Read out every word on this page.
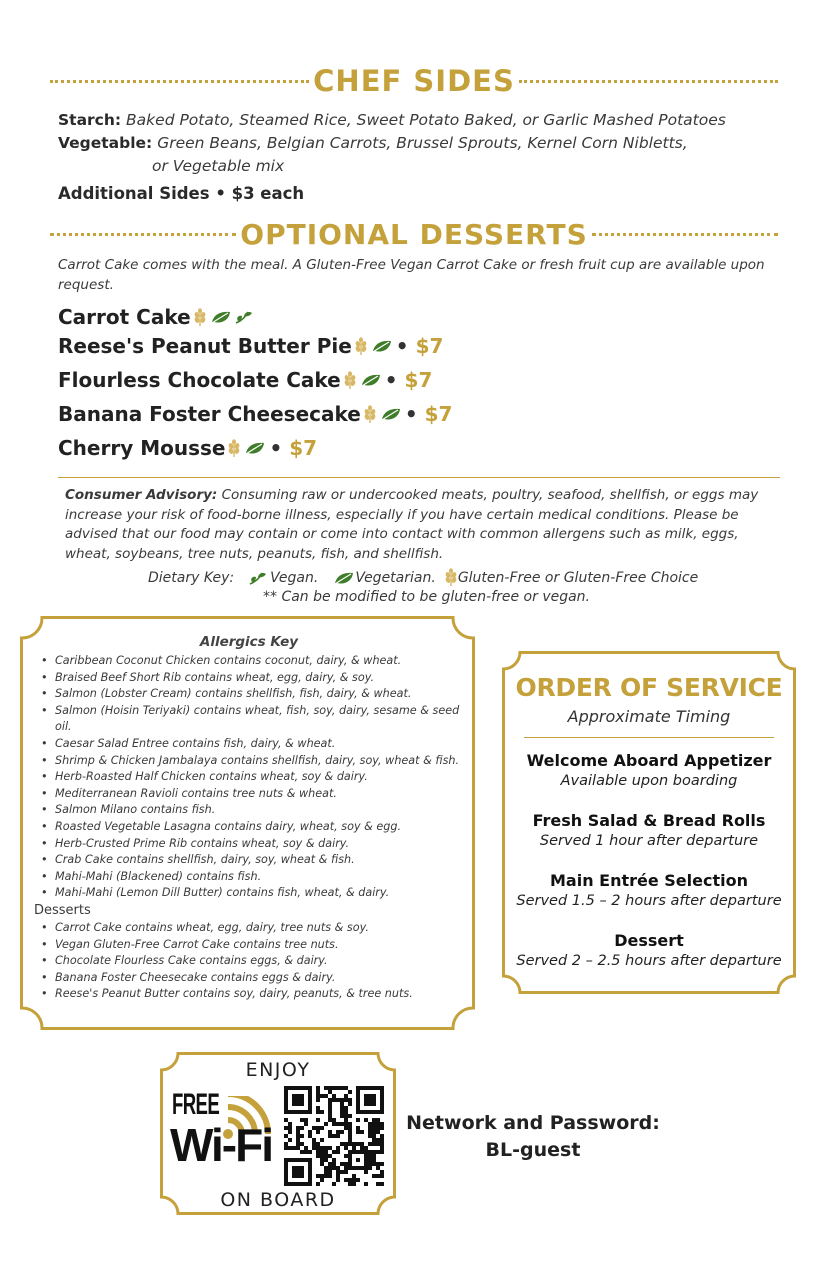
CHEF SIDES
Starch: Baked Potato, Steamed Rice, Sweet Potato Baked, or Garlic Mashed Potatoes
Vegetable: Green Beans, Belgian Carrots, Brussel Sprouts, Kernel Corn Nibletts,
or Vegetable mix
Additional Sides • $3 each
OPTIONAL DESSERTS
Carrot Cake comes with the meal. A Gluten-Free Vegan Carrot Cake or fresh fruit cup are available upon request.
Carrot Cake
Reese's Peanut Butter Pie • $7
Flourless Chocolate Cake • $7
Banana Foster Cheesecake • $7
Cherry Mousse • $7
Consumer Advisory: Consuming raw or undercooked meats, poultry, seafood, shellfish, or eggs may increase your risk of food-borne illness, especially if you have certain medical conditions. Please be advised that our food may contain or come into contact with common allergens such as milk, eggs, wheat, soybeans, tree nuts, peanuts, fish, and shellfish.
Dietary Key:	Vegan.	Vegetarian. Gluten-Free or Gluten-Free Choice
** Can be modified to be gluten-free or vegan.
Allergics Key
• Caribbean Coconut Chicken contains coconut, dairy, & wheat.
• Braised Beef Short Rib contains wheat, egg, dairy, & soy.
• Salmon (Lobster Cream) contains shellfish, fish, dairy, & wheat.
• Salmon (Hoisin Teriyaki) contains wheat, fish, soy, dairy, sesame & seed oil.
• Caesar Salad Entree contains fish, dairy, & wheat.
• Shrimp & Chicken Jambalaya contains shellfish, dairy, soy, wheat & fish.
• Herb-Roasted Half Chicken contains wheat, soy & dairy.
• Mediterranean Ravioli contains tree nuts & wheat.
• Salmon Milano contains fish.
• Roasted Vegetable Lasagna contains dairy, wheat, soy & egg.
• Herb-Crusted Prime Rib contains wheat, soy & dairy.
• Crab Cake contains shellfish, dairy, soy, wheat & fish.
• Mahi-Mahi (Blackened) contains fish.
• Mahi-Mahi (Lemon Dill Butter) contains fish, wheat, & dairy.
Desserts
• Carrot Cake contains wheat, egg, dairy, tree nuts & soy.
• Vegan Gluten-Free Carrot Cake contains tree nuts.
• Chocolate Flourless Cake contains eggs, & dairy.
• Banana Foster Cheesecake contains eggs & dairy.
• Reese's Peanut Butter contains soy, dairy, peanuts, & tree nuts.
ORDER OF SERVICE
Approximate Timing
Welcome Aboard Appetizer
Available upon boarding
Fresh Salad & Bread Rolls
Served 1 hour after departure
Main Entrée Selection
Served 1.5 – 2 hours after departure
Dessert
Served 2 – 2.5 hours after departure
ENJOY
FREE
Wi-Fi
ON BOARD
Network and Password:
BL-guest
